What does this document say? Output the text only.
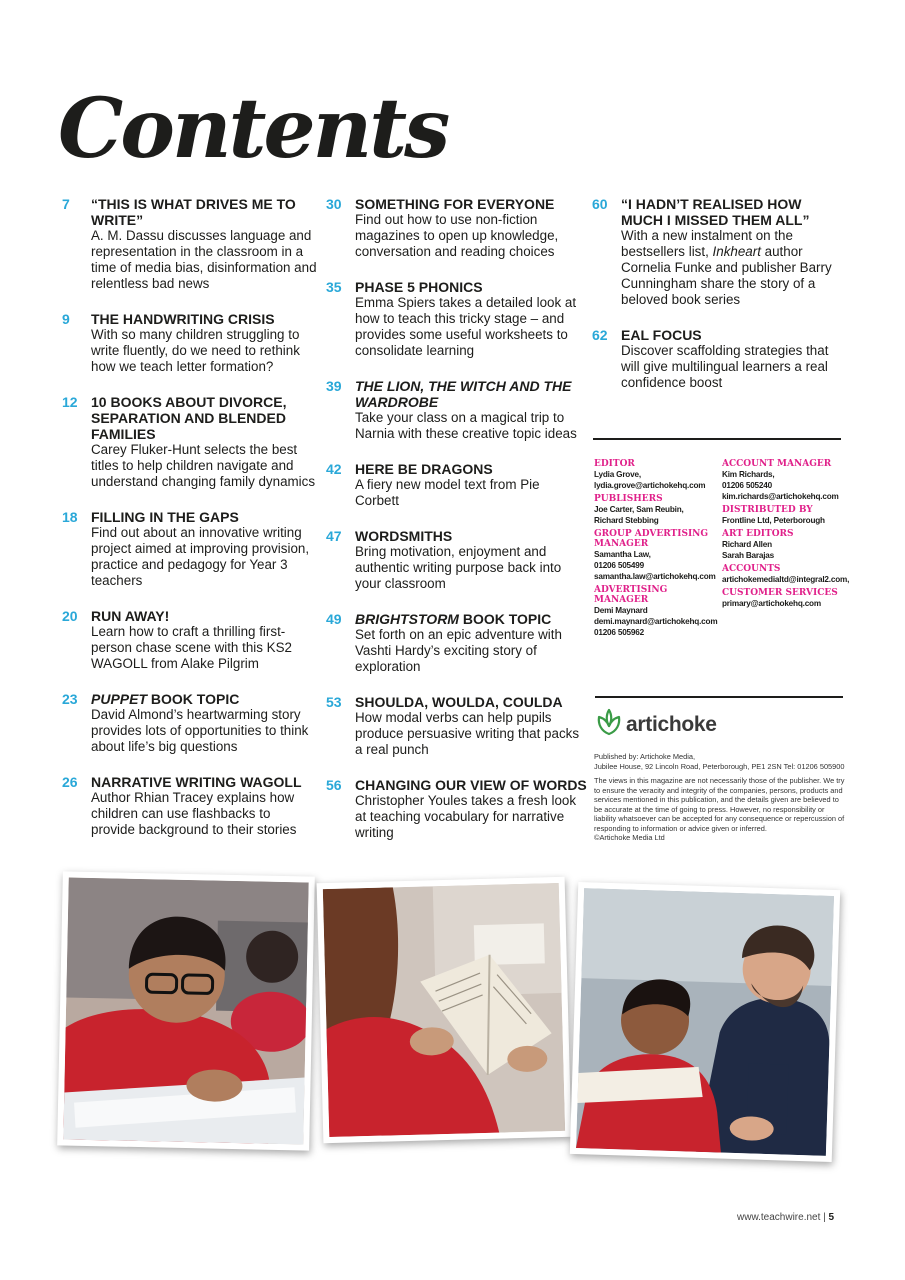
Contents
7 “THIS IS WHAT DRIVES ME TO WRITE”
A. M. Dassu discusses language and representation in the classroom in a time of media bias, disinformation and relentless bad news
9 THE HANDWRITING CRISIS
With so many children struggling to write fluently, do we need to rethink how we teach letter formation?
12 10 BOOKS ABOUT DIVORCE, SEPARATION AND BLENDED FAMILIES
Carey Fluker-Hunt selects the best titles to help children navigate and understand changing family dynamics
18 FILLING IN THE GAPS
Find out about an innovative writing project aimed at improving provision, practice and pedagogy for Year 3 teachers
20 RUN AWAY!
Learn how to craft a thrilling first-person chase scene with this KS2 WAGOLL from Alake Pilgrim
23 PUPPET BOOK TOPIC
David Almond’s heartwarming story provides lots of opportunities to think about life’s big questions
26 NARRATIVE WRITING WAGOLL
Author Rhian Tracey explains how children can use flashbacks to provide background to their stories
30 SOMETHING FOR EVERYONE
Find out how to use non-fiction magazines to open up knowledge, conversation and reading choices
35 PHASE 5 PHONICS
Emma Spiers takes a detailed look at how to teach this tricky stage – and provides some useful worksheets to consolidate learning
39 THE LION, THE WITCH AND THE WARDROBE
Take your class on a magical trip to Narnia with these creative topic ideas
42 HERE BE DRAGONS
A fiery new model text from Pie Corbett
47 WORDSMITHS
Bring motivation, enjoyment and authentic writing purpose back into your classroom
49 BRIGHTSTORM BOOK TOPIC
Set forth on an epic adventure with Vashti Hardy’s exciting story of exploration
53 SHOULDA, WOULDA, COULDA
How modal verbs can help pupils produce persuasive writing that packs a real punch
56 CHANGING OUR VIEW OF WORDS
Christopher Youles takes a fresh look at teaching vocabulary for narrative writing
60 “I HADN’T REALISED HOW MUCH I MISSED THEM ALL”
With a new instalment on the bestsellers list, Inkheart author Cornelia Funke and publisher Barry Cunningham share the story of a beloved book series
62 EAL FOCUS
Discover scaffolding strategies that will give multilingual learners a real confidence boost
EDITOR
Lydia Grove,
lydia.grove@artichokehq.com
PUBLISHERS
Joe Carter, Sam Reubin,
Richard Stebbing
GROUP ADVERTISING MANAGER
Samantha Law,
01206 505499
samantha.law@artichokehq.com
ADVERTISING MANAGER
Demi Maynard
demi.maynard@artichokehq.com
01206 505962
ACCOUNT MANAGER
Kim Richards,
01206 505240
kim.richards@artichokehq.com
DISTRIBUTED BY
Frontline Ltd, Peterborough
ART EDITORS
Richard Allen
Sarah Barajas
ACCOUNTS
artichokemedialtd@integral2.com,
CUSTOMER SERVICES
primary@artichokehq.com
artichoke

Published by: Artichoke Media,
Jubilee House, 92 Lincoln Road, Peterborough, PE1 2SN Tel: 01206 505900

The views in this magazine are not necessarily those of the publisher. We try to ensure the veracity and integrity of the companies, persons, products and services mentioned in this publication, and the details given are believed to be accurate at the time of going to press. However, no responsibility or liability whatsoever can be accepted for any consequence or repercussion of responding to information or advice given or inferred.
©Artichoke Media Ltd

www.teachwire.net | 5
